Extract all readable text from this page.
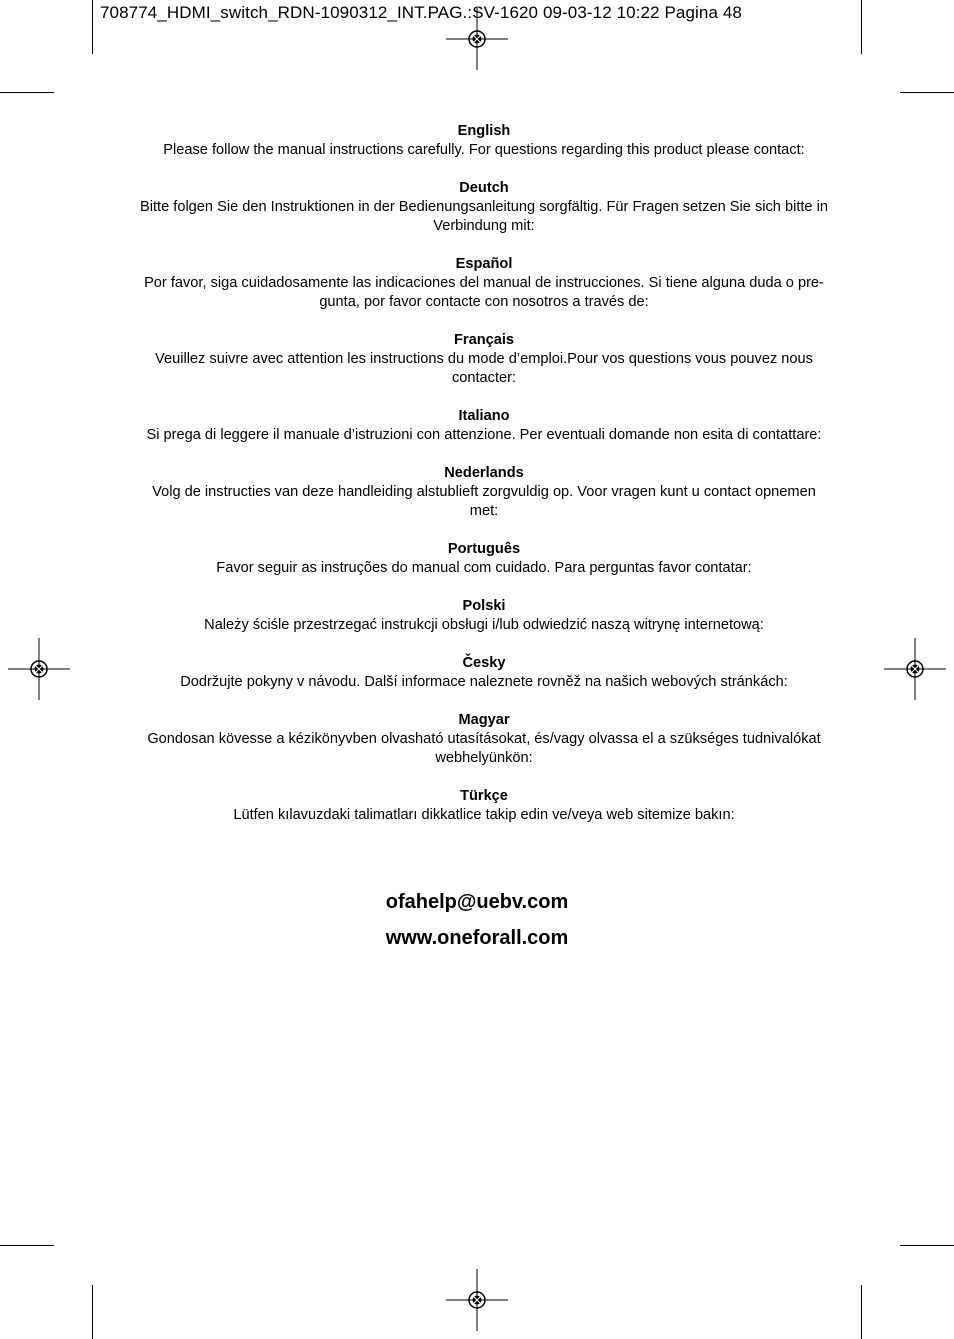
708774_HDMI_switch_RDN-1090312_INT.PAG.:SV-1620 09-03-12 10:22 Pagina 48
English
Please follow the manual instructions carefully. For questions regarding this product please contact:
Deutch
Bitte folgen Sie den Instruktionen in der Bedienungsanleitung sorgfältig. Für Fragen setzen Sie sich bitte in Verbindung mit:
Español
Por favor, siga cuidadosamente las indicaciones del manual de instrucciones. Si tiene alguna duda o pre-gunta, por favor contacte con nosotros a través de:
Français
Veuillez suivre avec attention les instructions du mode d’emploi.Pour vos questions vous pouvez nous contacter:
Italiano
Si prega di leggere il manuale d’istruzioni con attenzione. Per eventuali domande non esita di contattare:
Nederlands
Volg de instructies van deze handleiding alstublieft zorgvuldig op. Voor vragen kunt u contact opnemen met:
Português
Favor seguir as instruções do manual com cuidado. Para perguntas favor contatar:
Polski
Należy ściśle przestrzegać instrukcji obsługi i/lub odwiedzić naszą witrynę internetową:
Česky
Dodržujte pokyny v návodu. Další informace naleznete rovněž na našich webových stránkách:
Magyar
Gondosan kövesse a kézikönyvben olvasható utasításokat, és/vagy olvassa el a szükséges tudnivalókat webhelyünkön:
Türkçe
Lütfen kılavuzdaki talimatları dikkatlice takip edin ve/veya web sitemize bakın:
ofahelp@uebv.com
www.oneforall.com
